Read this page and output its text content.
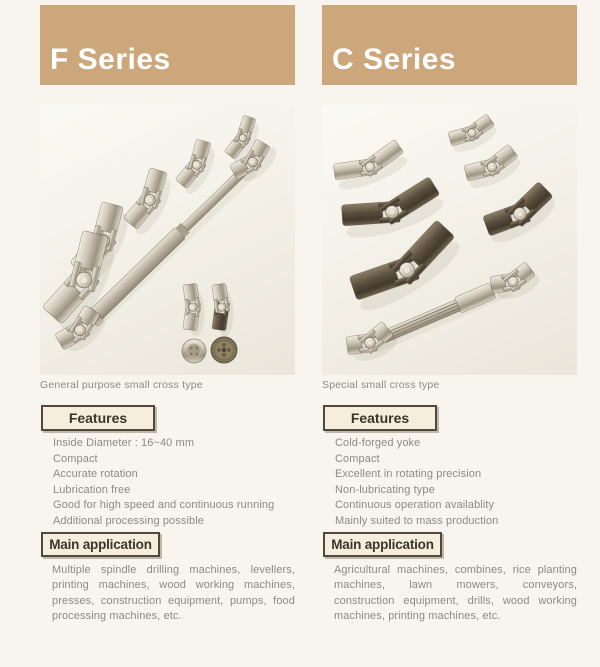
F Series
General purpose small cross type
Features
Inside Diameter : 16~40 mm
Compact
Accurate rotation
Lubrication free
Good for high speed and continuous running
Additional processing possible
Main application

Multiple spindle drilling machines, levellers, printing machines, wood working machines, presses, construction equipment, pumps, food processing machines, etc.

C Series
Special small cross type
Features
Cold-forged yoke
Compact
Excellent in rotating precision
Non-lubricating type
Continuous operation availablity
Mainly suited to mass production
Main application

Agricultural machines, combines, rice planting machines, lawn mowers, conveyors, construction equipment, drills, wood working machines, printing machines, etc.
